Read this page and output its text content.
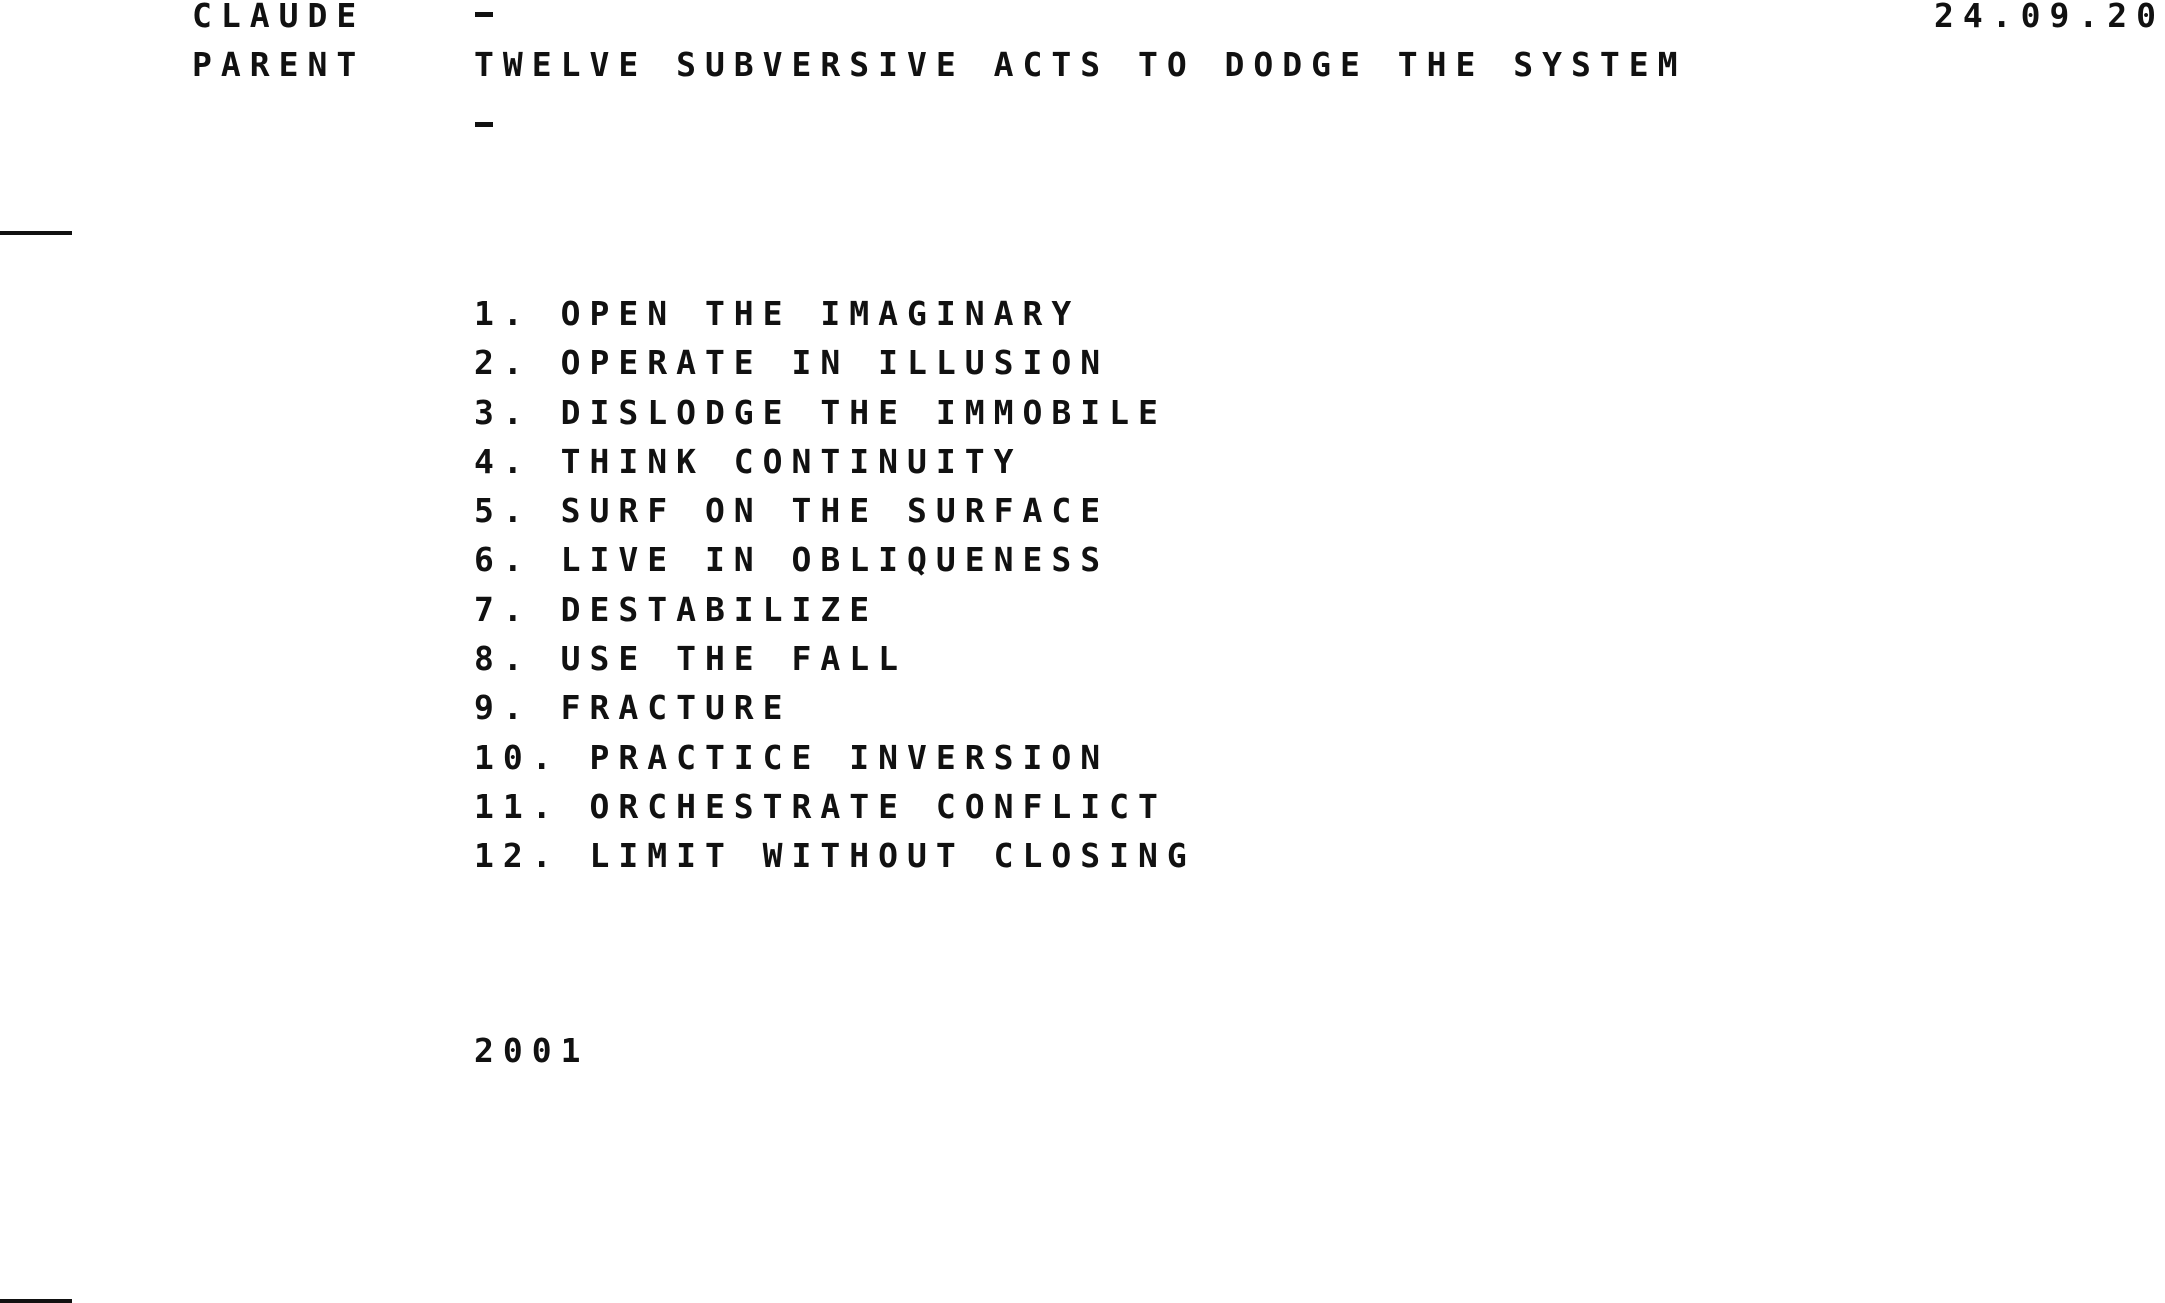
CLAUDE
PARENT	TWELVE SUBVERSIVE ACTS TO DODGE THE SYSTEM
24.09.20
1. OPEN THE IMAGINARY
2. OPERATE IN ILLUSION
3. DISLODGE THE IMMOBILE
4. THINK CONTINUITY
5. SURF ON THE SURFACE
6. LIVE IN OBLIQUENESS
7. DESTABILIZE
8. USE THE FALL
9. FRACTURE
10. PRACTICE INVERSION
11. ORCHESTRATE CONFLICT
12. LIMIT WITHOUT CLOSING
2001
